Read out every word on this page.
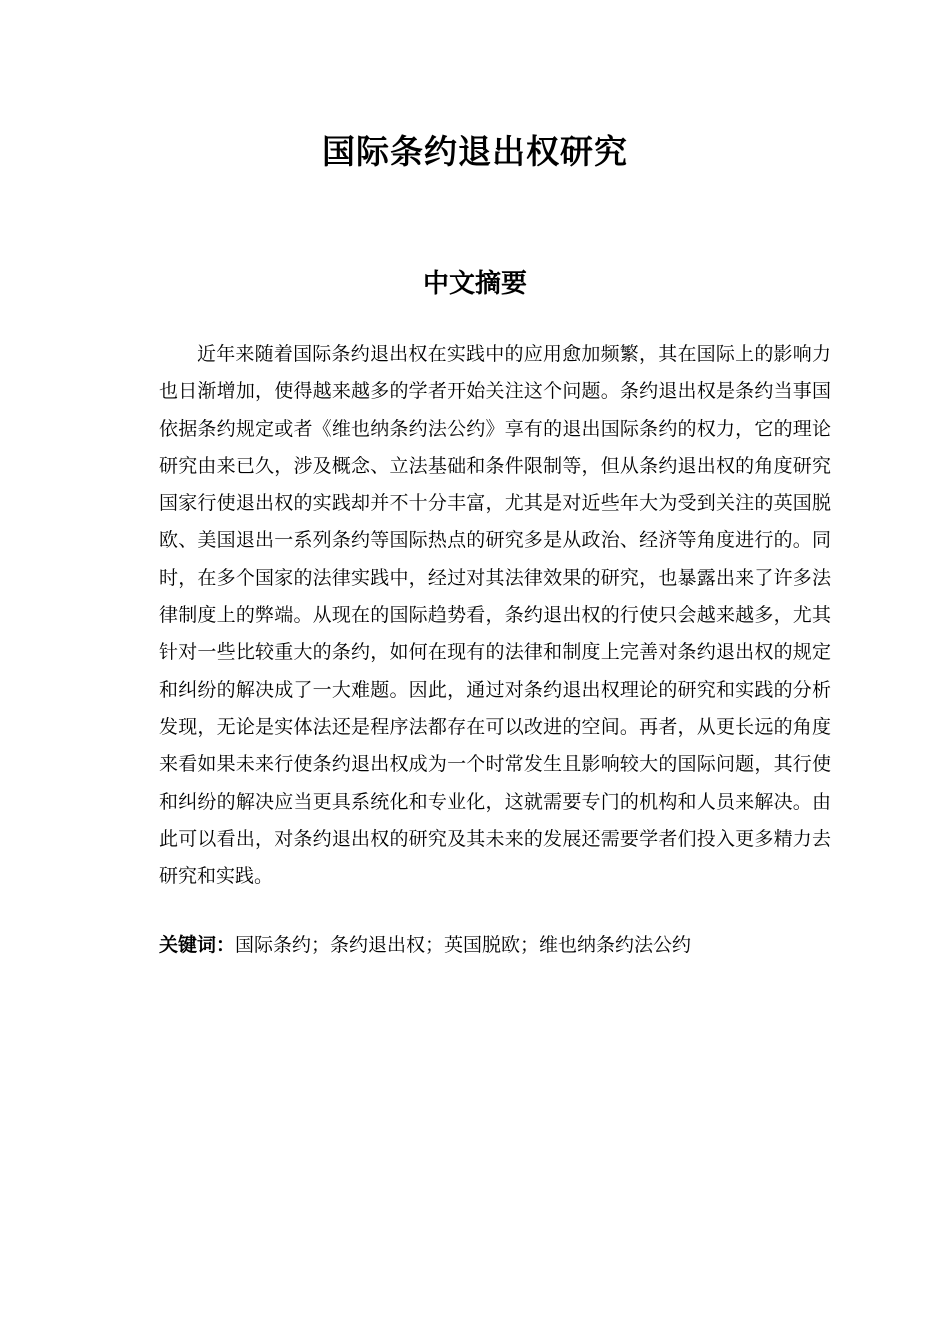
国际条约退出权研究
中文摘要
近年来随着国际条约退出权在实践中的应用愈加频繁，其在国际上的影响力
也日渐增加，使得越来越多的学者开始关注这个问题。条约退出权是条约当事国
依据条约规定或者《维也纳条约法公约》享有的退出国际条约的权力，它的理论
研究由来已久，涉及概念、立法基础和条件限制等，但从条约退出权的角度研究
国家行使退出权的实践却并不十分丰富，尤其是对近些年大为受到关注的英国脱
欧、美国退出一系列条约等国际热点的研究多是从政治、经济等角度进行的。同
时，在多个国家的法律实践中，经过对其法律效果的研究，也暴露出来了许多法
律制度上的弊端。从现在的国际趋势看，条约退出权的行使只会越来越多，尤其
针对一些比较重大的条约，如何在现有的法律和制度上完善对条约退出权的规定
和纠纷的解决成了一大难题。因此，通过对条约退出权理论的研究和实践的分析
发现，无论是实体法还是程序法都存在可以改进的空间。再者，从更长远的角度
来看如果未来行使条约退出权成为一个时常发生且影响较大的国际问题，其行使
和纠纷的解决应当更具系统化和专业化，这就需要专门的机构和人员来解决。由
此可以看出，对条约退出权的研究及其未来的发展还需要学者们投入更多精力去
研究和实践。
关键词：国际条约；条约退出权；英国脱欧；维也纳条约法公约
